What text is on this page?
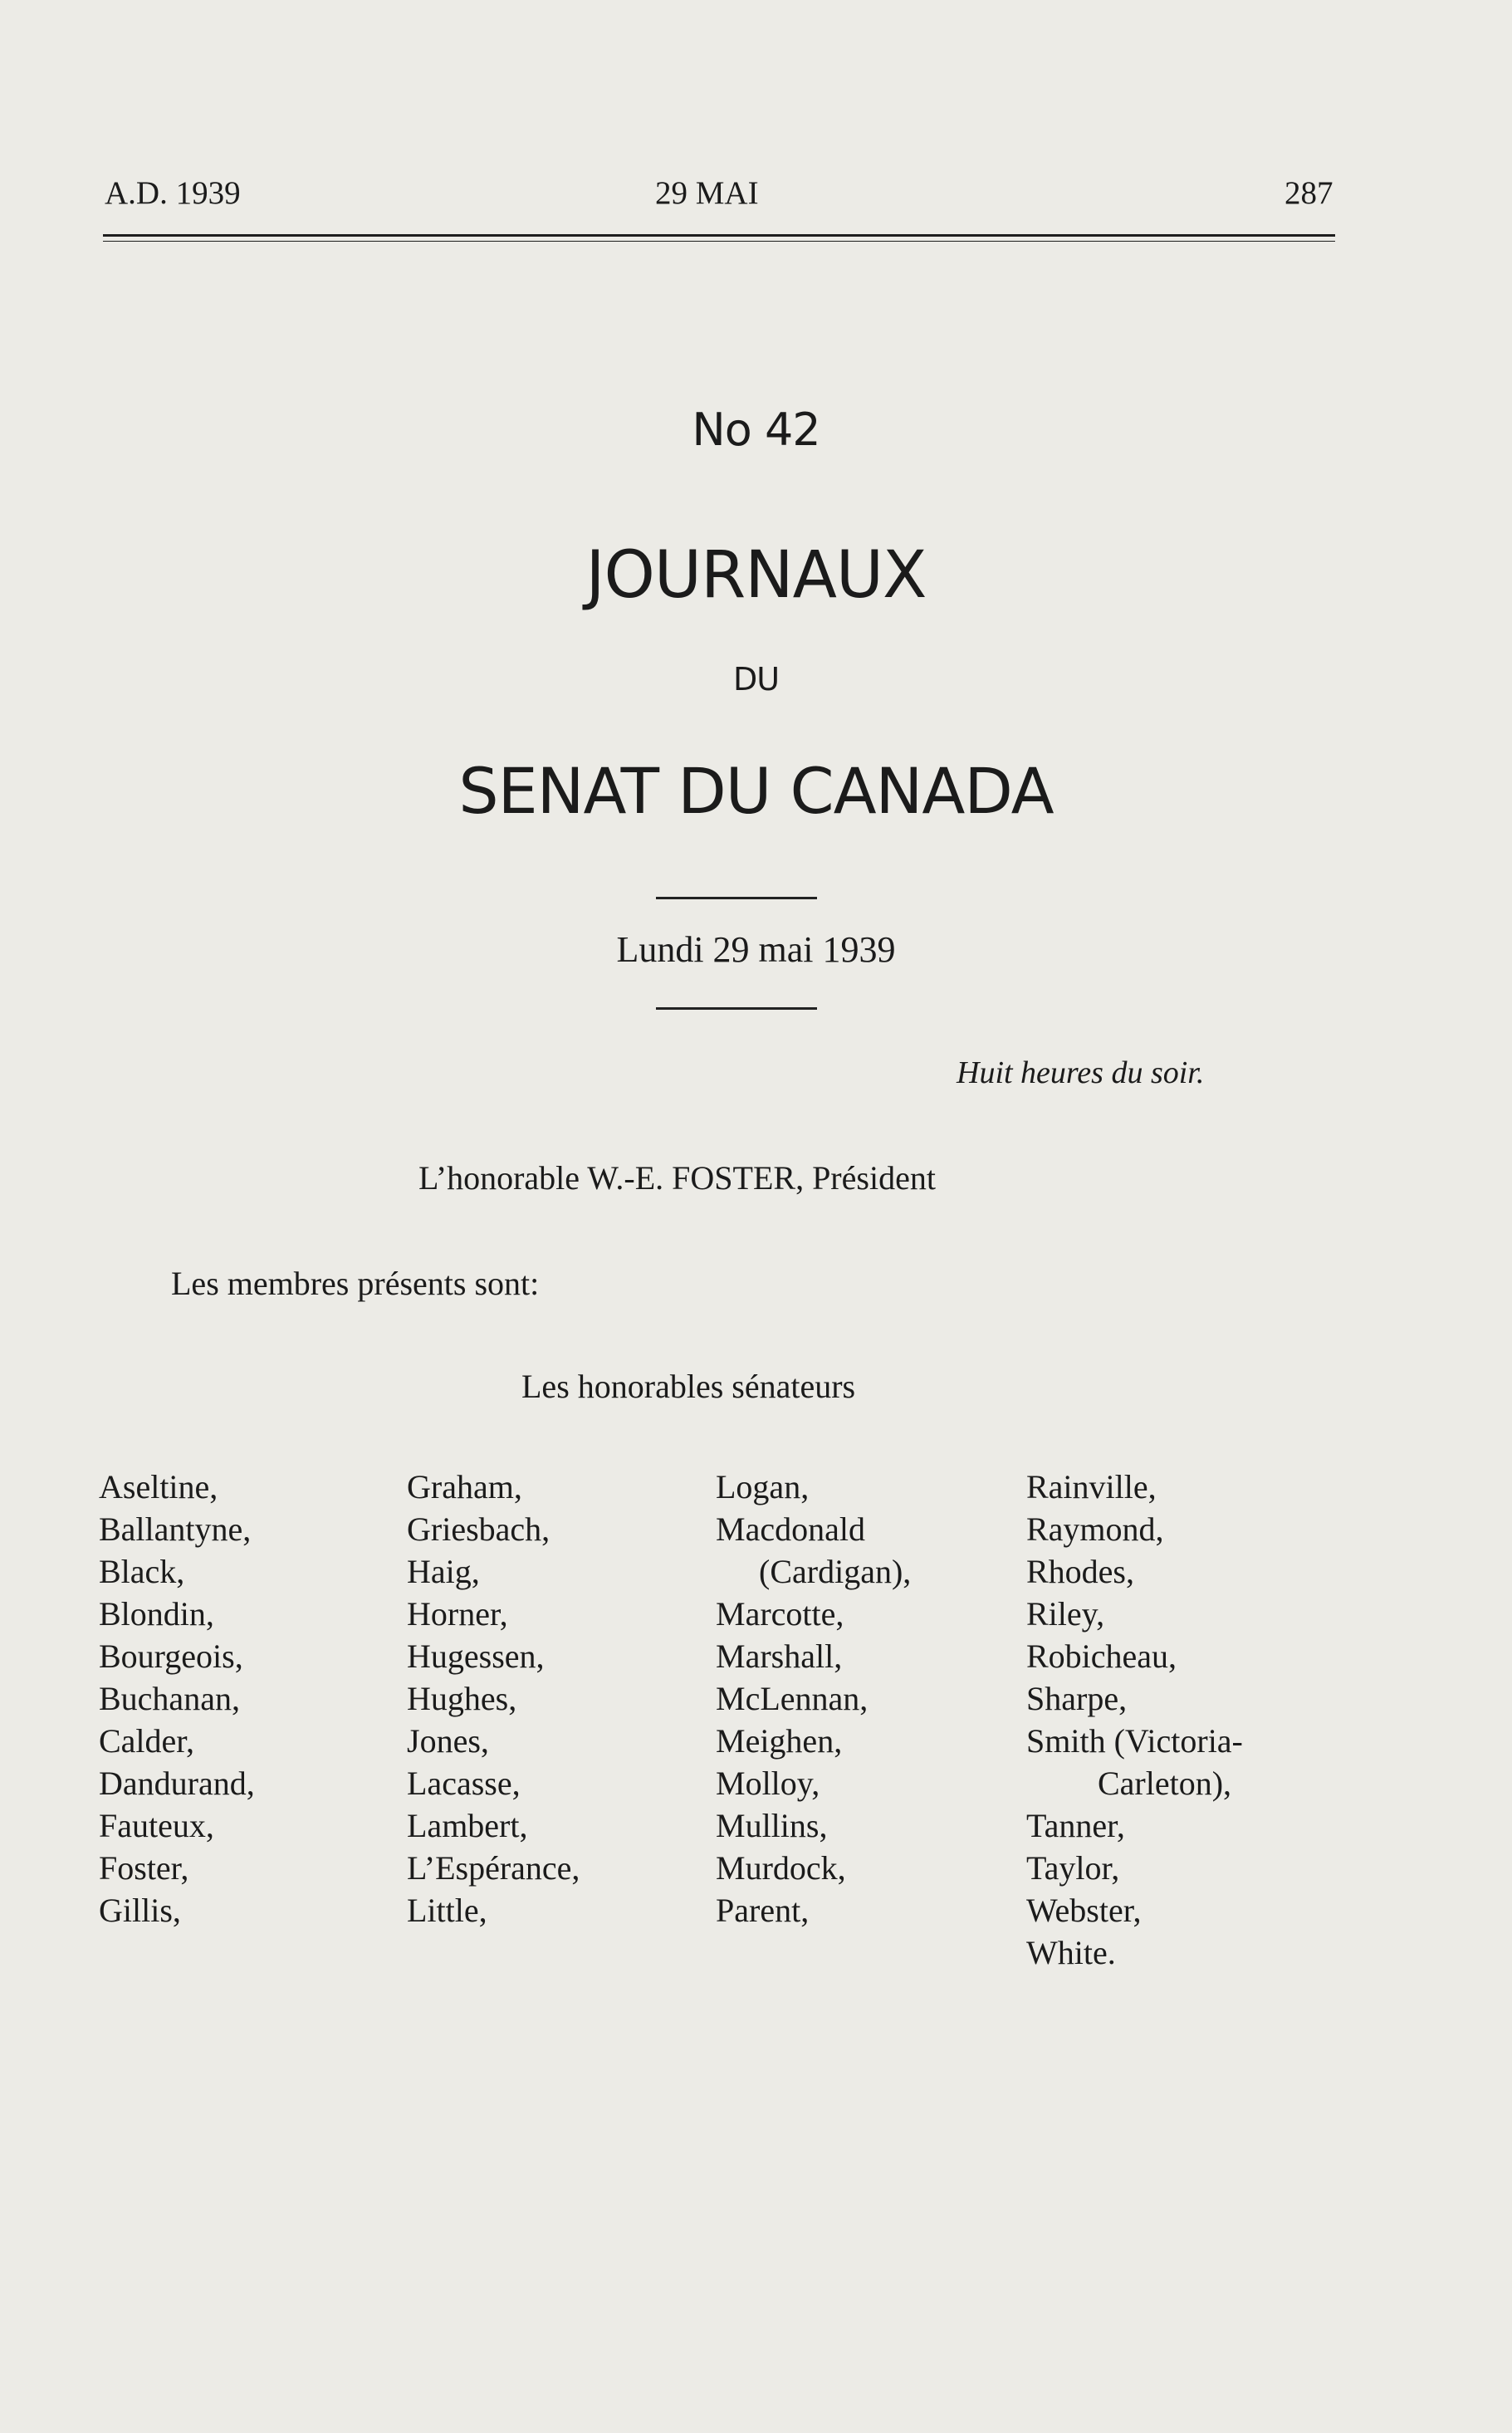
A.D. 1939	29 MAI	287
No 42
JOURNAUX
DU
SENAT DU CANADA
Lundi 29 mai 1939
Huit heures du soir.
L’honorable W.-E. FOSTER, Président
Les membres présents sont:
Les honorables sénateurs
Aseltine,
Ballantyne,
Black,
Blondin,
Bourgeois,
Buchanan,
Calder,
Dandurand,
Fauteux,
Foster,
Gillis,
Graham,
Griesbach,
Haig,
Horner,
Hugessen,
Hughes,
Jones,
Lacasse,
Lambert,
L’Espérance,
Little,
Logan,
Macdonald
(Cardigan),
Marcotte,
Marshall,
McLennan,
Meighen,
Molloy,
Mullins,
Murdock,
Parent,
Rainville,
Raymond,
Rhodes,
Riley,
Robicheau,
Sharpe,
Smith (Victoria-
Carleton),
Tanner,
Taylor,
Webster,
White.
